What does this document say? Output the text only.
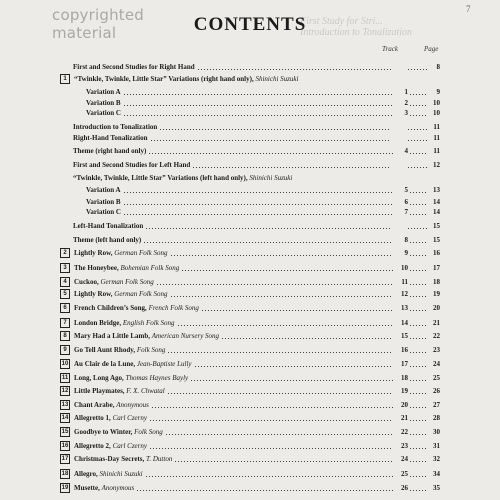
copyrighted
material
7
First Study for Stri...
Introduction to Tonalization
CONTENTS
Track	Page
First and Second Studies for Right Hand	8
1	“Twinkle, Twinkle, Little Star” Variations (right hand only), Shinichi Suzuki
Variation A	1	9
Variation B	2	10
Variation C	3	10
Introduction to Tonalization	11
Right-Hand Tonalization	11
Theme (right hand only)	4	11
First and Second Studies for Left Hand	12
“Twinkle, Twinkle, Little Star” Variations (left hand only), Shinichi Suzuki
Variation A	5	13
Variation B	6	14
Variation C	7	14
Left-Hand Tonalization	15
Theme (left hand only)	8	15
2	Lightly Row, German Folk Song	9	16
3	The Honeybee, Bohemian Folk Song	10	17
4	Cuckoo, German Folk Song	11	18
5	Lightly Row, German Folk Song	12	19
6	French Children’s Song, French Folk Song	13	20
7	London Bridge, English Folk Song	14	21
8	Mary Had a Little Lamb, American Nursery Song	15	22
9	Go Tell Aunt Rhody, Folk Song	16	23
10 Au Clair de la Lune, Jean-Baptiste Lully	17	24
11 Long, Long Ago, Thomas Haynes Bayly	18	25
12 Little Playmates, F. X. Chwatal	19	26
13 Chant Arabe, Anonymous	20	27
14 Allegretto 1, Carl Czerny	21	28
15 Goodbye to Winter, Folk Song	22	30
16 Allegretto 2, Carl Czerny	23	31
17 Christmas-Day Secrets, T. Dutton	24	32
18 Allegro, Shinichi Suzuki	25	34
19 Musette, Anonymous	26	35
